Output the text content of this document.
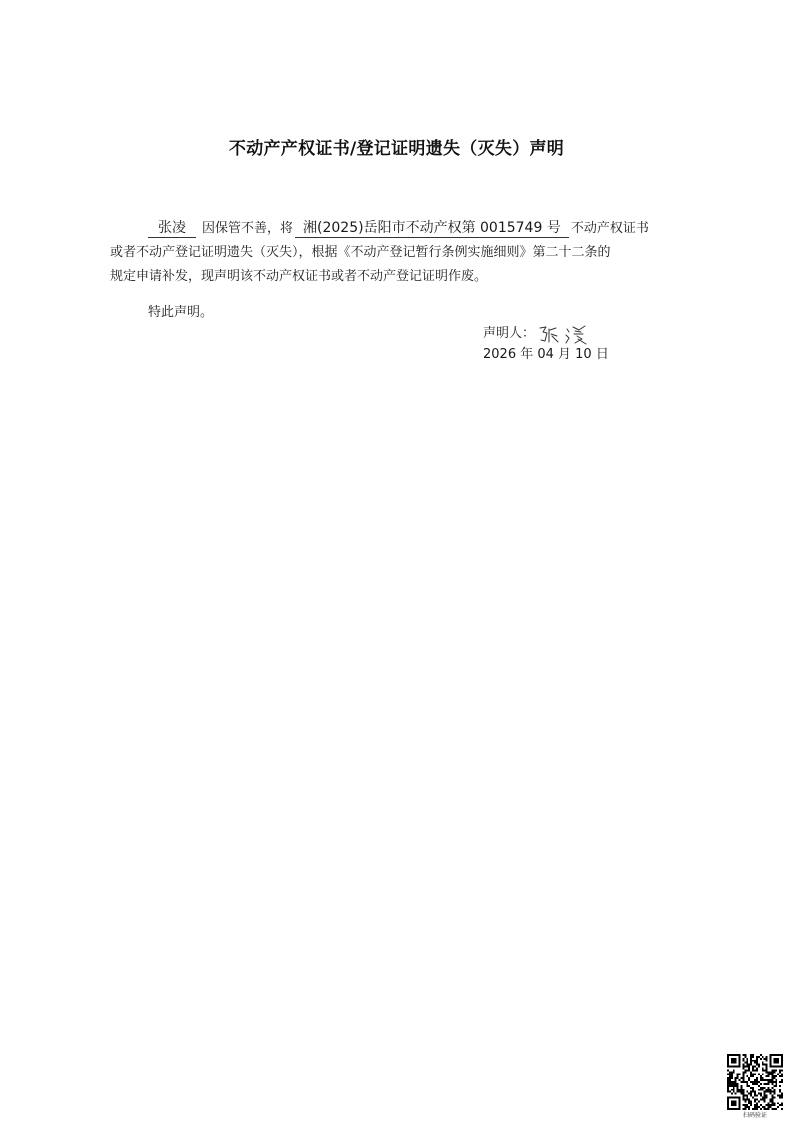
不动产产权证书/登记证明遗失（灭失）声明
张凌 因保管不善，将 湘(2025)岳阳市不动产权第 0015749 号 不动产权证书
或者不动产登记证明遗失（灭失），根据《不动产登记暂行条例实施细则》第二十二条的
规定申请补发，现声明该不动产权证书或者不动产登记证明作废。
特此声明。
声明人：
2026 年 04 月 10 日
扫码验证
